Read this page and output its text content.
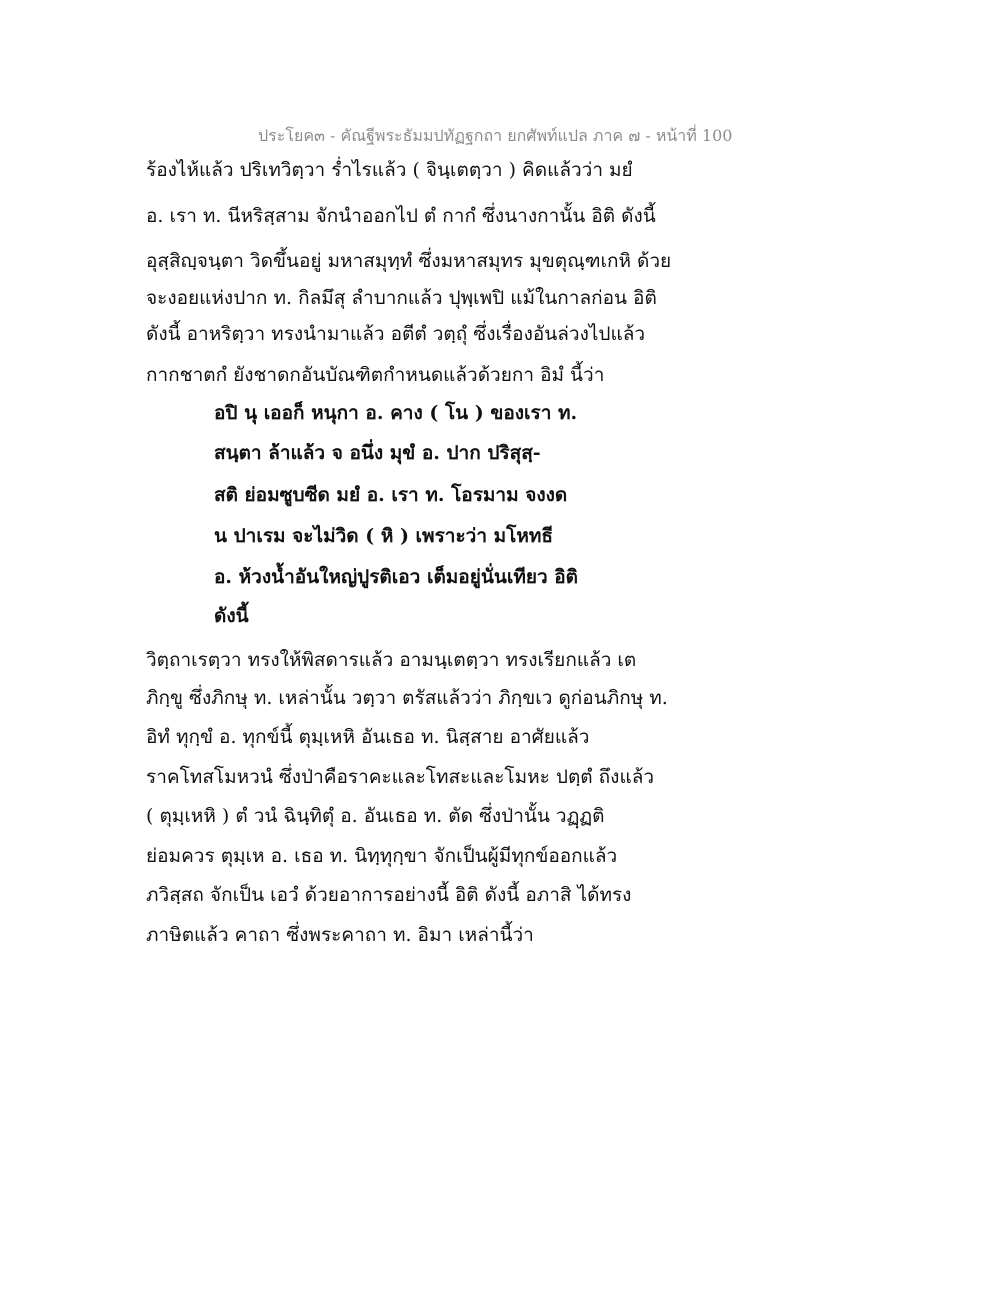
ประโยค๓ - คัณฐีพระธัมมปทัฏฐกถา ยกศัพท์แปล ภาค ๗ - หน้าที่ 100
ร้องไห้แล้ว ปริเทวิตฺวา ร่ำไรแล้ว ( จินฺเตตฺวา ) คิดแล้วว่า มยํ
อ. เรา ท. นีหริสฺสาม จักนำออกไป ตํ กากํ ซึ่งนางกานั้น อิติ ดังนี้
อุสฺสิญฺจนฺตา วิดขึ้นอยู่ มหาสมุทฺทํ ซึ่งมหาสมุทร มุขตุณฺฑเกหิ ด้วย
จะงอยแห่งปาก ท. กิลมึสุ ลำบากแล้ว ปุพฺเพปิ แม้ในกาลก่อน อิติ
ดังนี้ อาหริตฺวา ทรงนำมาแล้ว อตีตํ วตฺถุํ ซึ่งเรื่องอันล่วงไปแล้ว
กากชาตกํ ยังชาดกอันบัณฑิตกำหนดแล้วด้วยกา อิมํ นี้ว่า
อปิ นุ เออก็ หนุกา อ. คาง ( โน ) ของเรา ท.
สนฺตา ล้าแล้ว จ อนึ่ง มุขํ อ. ปาก ปริสุสฺ-
สติ ย่อมซูบซีด มยํ อ. เรา ท. โอรมาม จงงด
น ปาเรม จะไม่วิด ( หิ ) เพราะว่า มโหทธี
อ. ห้วงน้ำอันใหญ่ปูรติเอว เต็มอยู่นั่นเทียว อิติ
ดังนี้
วิตฺถาเรตฺวา ทรงให้พิสดารแล้ว อามนฺเตตฺวา ทรงเรียกแล้ว เต
ภิกฺขู ซึ่งภิกษุ ท. เหล่านั้น วตฺวา ตรัสแล้วว่า ภิกฺขเว ดูก่อนภิกษุ ท.
อิทํ ทุกฺขํ อ. ทุกข์นี้ ตุมฺเหหิ อันเธอ ท. นิสฺสาย อาศัยแล้ว
ราคโทสโมหวนํ ซึ่งป่าคือราคะและโทสะและโมหะ ปตฺตํ ถึงแล้ว
( ตุมฺเหหิ ) ตํ วนํ ฉินฺทิตุํ อ. อันเธอ ท. ตัด ซึ่งป่านั้น วฏฺฏติ
ย่อมควร ตุมฺเห อ. เธอ ท. นิทฺทุกฺขา จักเป็นผู้มีทุกข์ออกแล้ว
ภวิสฺสถ จักเป็น เอวํ ด้วยอาการอย่างนี้ อิติ ดังนี้ อภาสิ ได้ทรง
ภาษิตแล้ว คาถา ซึ่งพระคาถา ท. อิมา เหล่านี้ว่า
